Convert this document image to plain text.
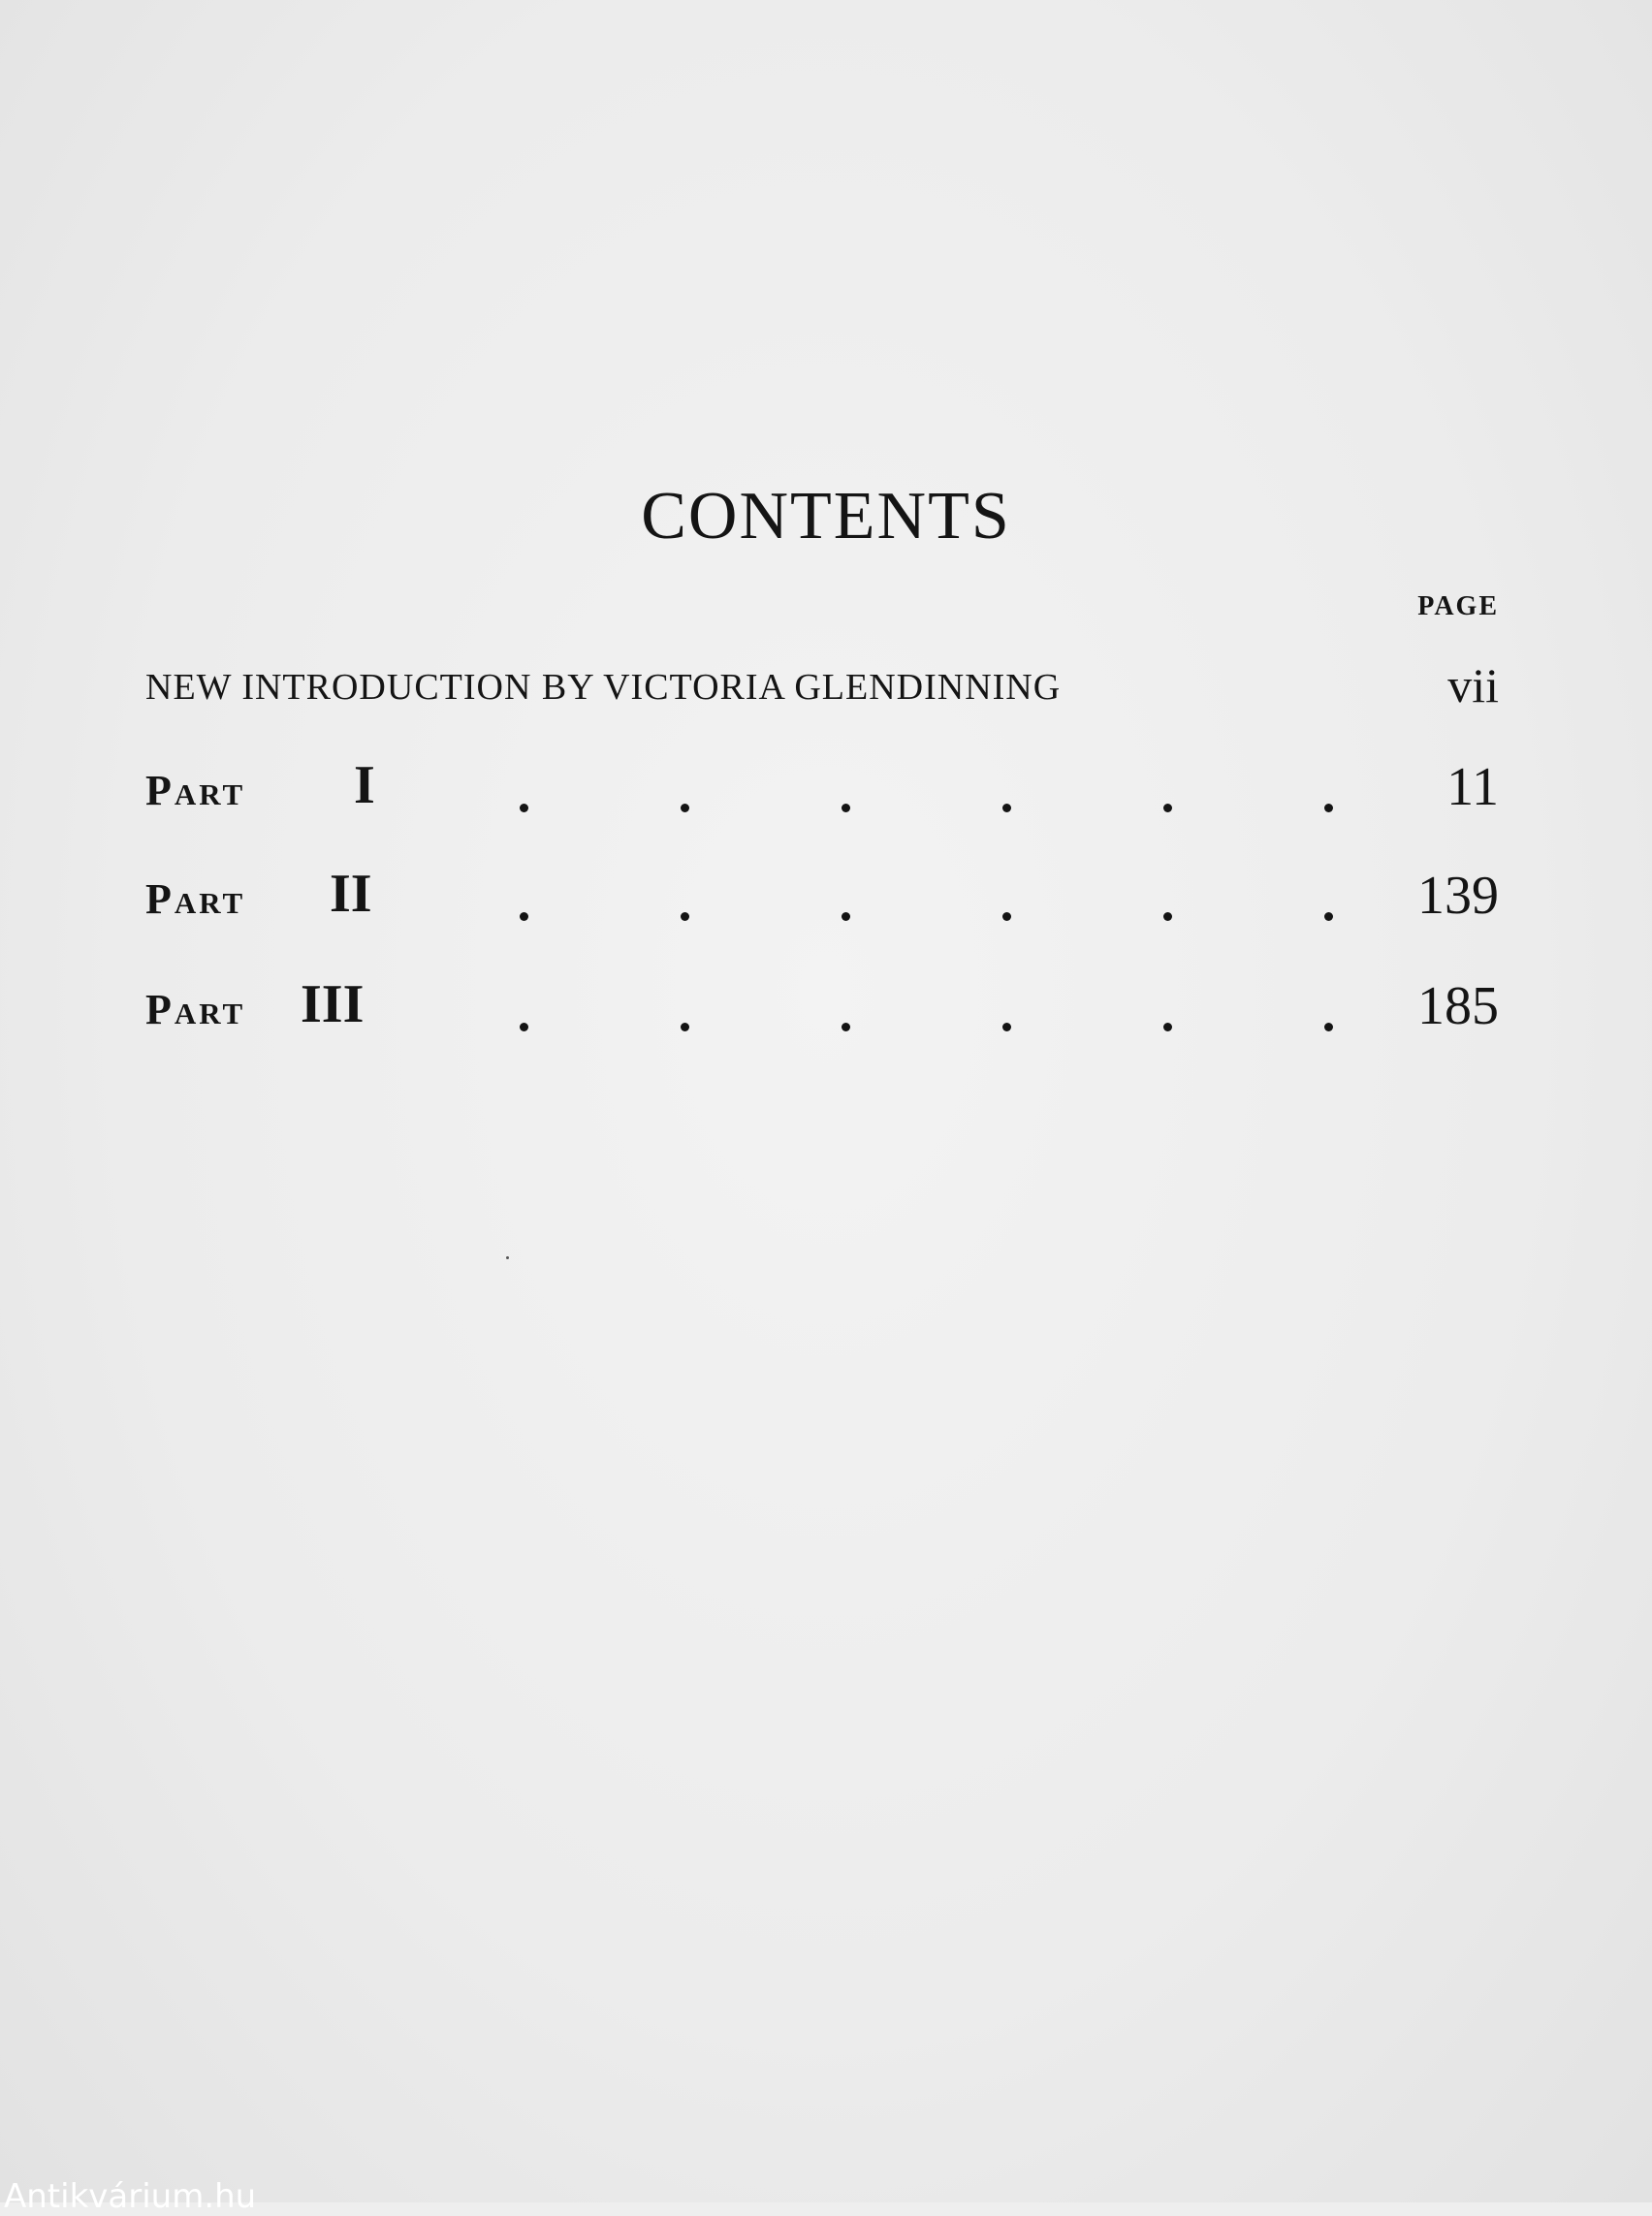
CONTENTS
PAGE
NEW INTRODUCTION BY VICTORIA GLENDINNING	vii
Part I	11
Part II	139
Part III	185
Antikvárium.hu
